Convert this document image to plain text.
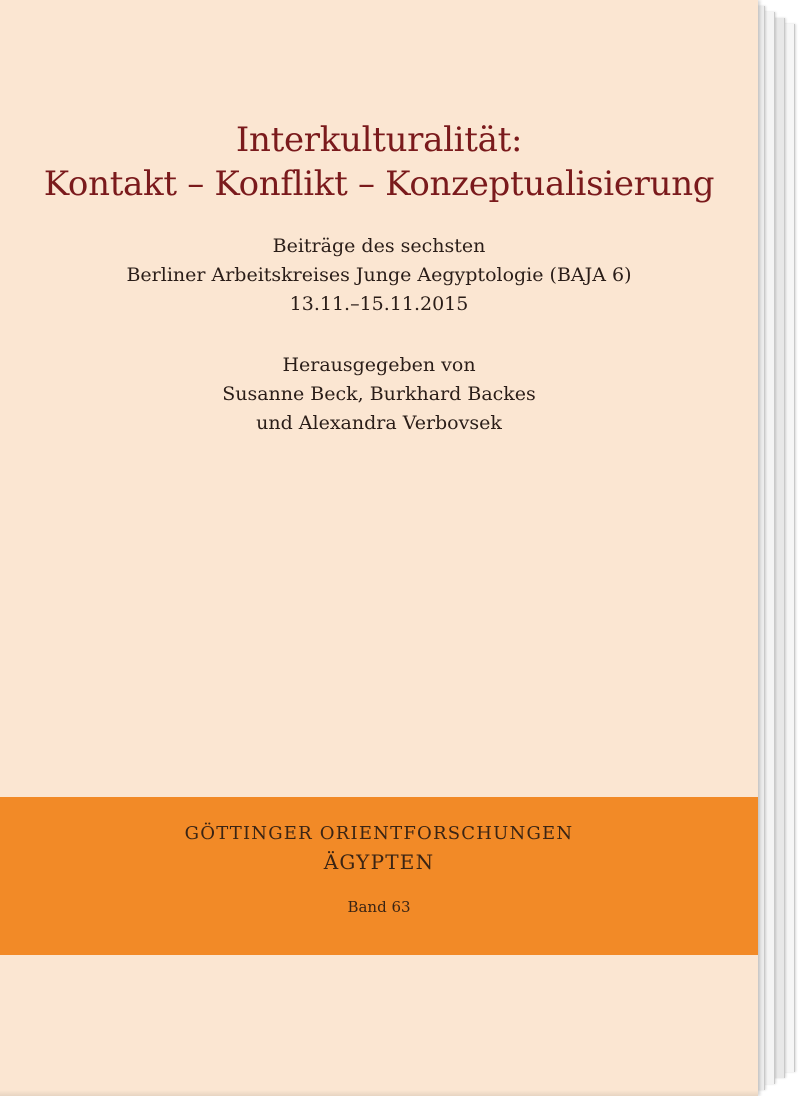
Interkulturalität:
Kontakt – Konflikt – Konzeptualisierung
Beiträge des sechsten
Berliner Arbeitskreises Junge Aegyptologie (BAJA 6)
13.11.–15.11.2015
Herausgegeben von
Susanne Beck, Burkhard Backes
und Alexandra Verbovsek
GÖTTINGER ORIENTFORSCHUNGEN
ÄGYPTEN
Band 63
